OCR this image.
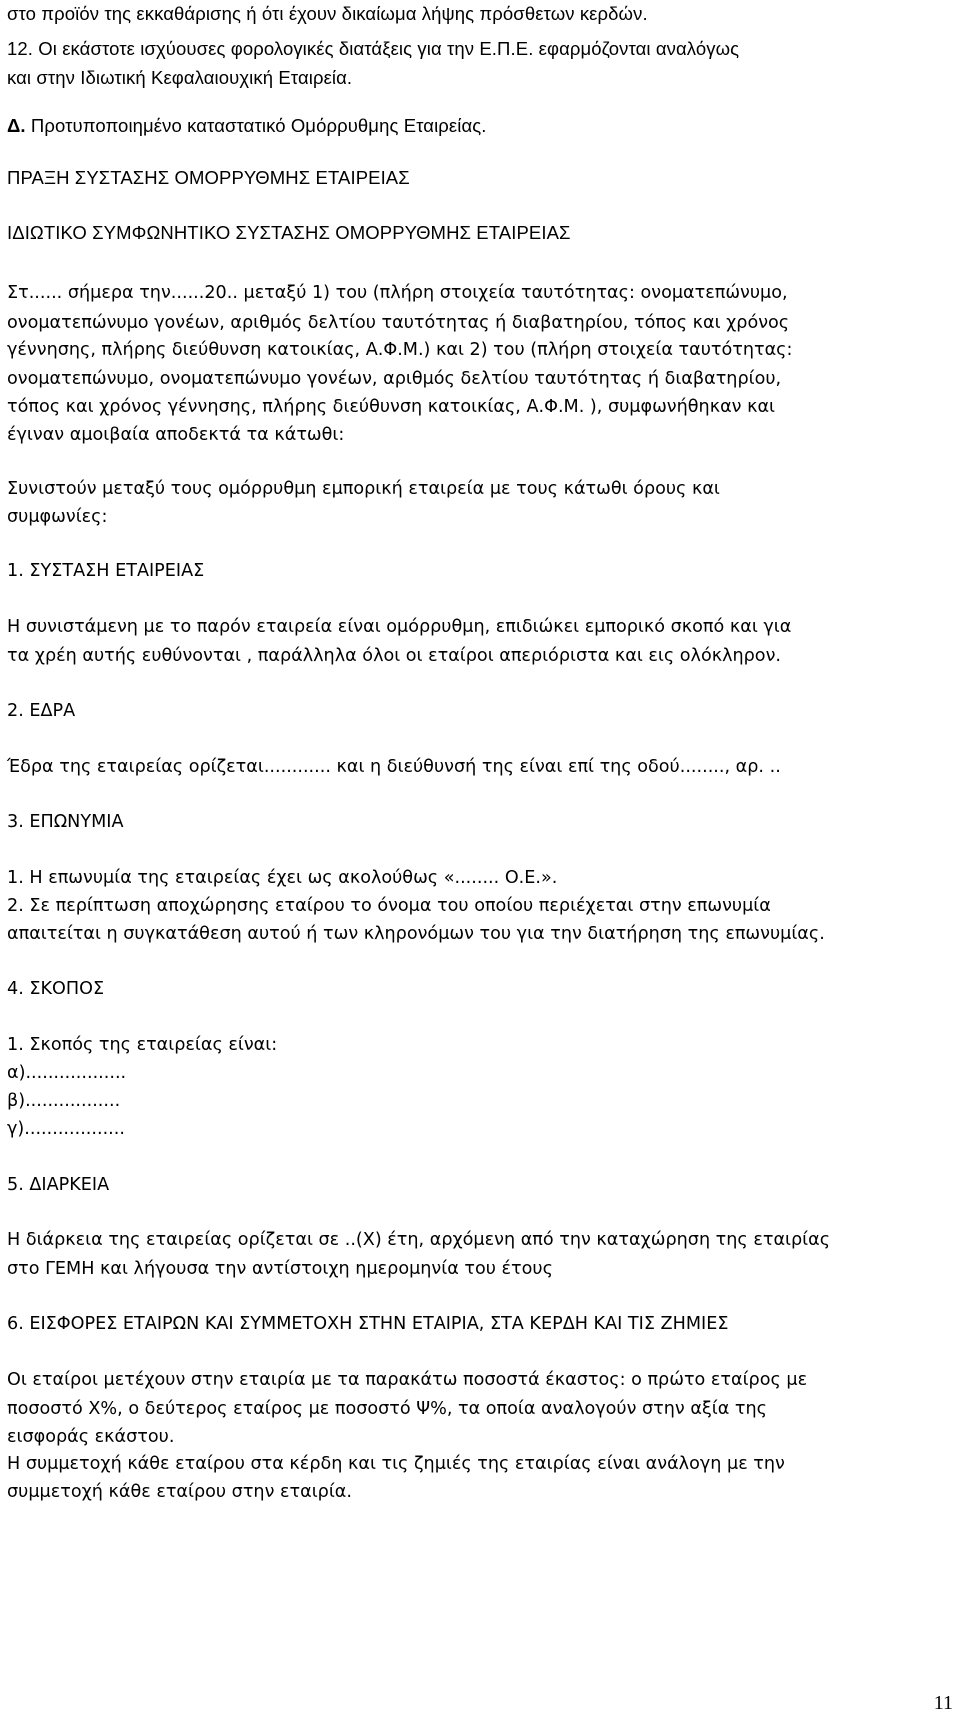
στο προϊόν της εκκαθάρισης ή ότι έχουν δικαίωμα λήψης πρόσθετων κερδών.
12. Οι εκάστοτε ισχύουσες φορολογικές διατάξεις για την Ε.Π.Ε. εφαρμόζονται αναλόγως
και στην Ιδιωτική Κεφαλαιουχική Εταιρεία.
Δ. Προτυποποιημένο καταστατικό Ομόρρυθμης Εταιρείας.
ΠΡΑΞΗ ΣΥΣΤΑΣΗΣ ΟΜΟΡΡΥΘΜΗΣ ΕΤΑΙΡΕΙΑΣ
ΙΔΙΩΤΙΚΟ ΣΥΜΦΩΝΗΤΙΚΟ ΣΥΣΤΑΣΗΣ ΟΜΟΡΡΥΘΜΗΣ ΕΤΑΙΡΕΙΑΣ
Στ...... σήμερα την......20.. μεταξύ 1) του (πλήρη στοιχεία ταυτότητας: ονοματεπώνυμο,
ονοματεπώνυμο γονέων, αριθμός δελτίου ταυτότητας ή διαβατηρίου, τόπος και χρόνος
γέννησης, πλήρης διεύθυνση κατοικίας, Α.Φ.Μ.) και 2) του (πλήρη στοιχεία ταυτότητας:
ονοματεπώνυμο, ονοματεπώνυμο γονέων, αριθμός δελτίου ταυτότητας ή διαβατηρίου,
τόπος και χρόνος γέννησης, πλήρης διεύθυνση κατοικίας, Α.Φ.Μ. ), συμφωνήθηκαν και
έγιναν αμοιβαία αποδεκτά τα κάτωθι:
Συνιστούν μεταξύ τους ομόρρυθμη εμπορική εταιρεία με τους κάτωθι όρους και
συμφωνίες:
1. ΣΥΣΤΑΣΗ ΕΤΑΙΡΕΙΑΣ
Η συνιστάμενη με το παρόν εταιρεία είναι ομόρρυθμη, επιδιώκει εμπορικό σκοπό και για
τα χρέη αυτής ευθύνονται , παράλληλα όλοι οι εταίροι απεριόριστα και εις ολόκληρον.
2. ΕΔΡΑ
Έδρα της εταιρείας ορίζεται............ και η διεύθυνσή της είναι επί της οδού........, αρ. ..
3. ΕΠΩΝΥΜΙΑ
1. Η επωνυμία της εταιρείας έχει ως ακολούθως «........ Ο.Ε.».
2. Σε περίπτωση αποχώρησης εταίρου το όνομα του οποίου περιέχεται στην επωνυμία
απαιτείται η συγκατάθεση αυτού ή των κληρονόμων του για την διατήρηση της επωνυμίας.
4. ΣΚΟΠΟΣ
1. Σκοπός της εταιρείας είναι:
α)..................
β).................
γ)..................
5. ΔΙΑΡΚΕΙΑ
Η διάρκεια της εταιρείας ορίζεται σε ..(Χ) έτη, αρχόμενη από την καταχώρηση της εταιρίας
στο ΓΕΜΗ και λήγουσα την αντίστοιχη ημερομηνία του έτους
6. ΕΙΣΦΟΡΕΣ ΕΤΑΙΡΩΝ ΚΑΙ ΣΥΜΜΕΤΟΧΗ ΣΤΗΝ ΕΤΑΙΡΙΑ, ΣΤΑ ΚΕΡΔΗ ΚΑΙ ΤΙΣ ΖΗΜΙΕΣ
Οι εταίροι μετέχουν στην εταιρία με τα παρακάτω ποσοστά έκαστος: ο πρώτο εταίρος με
ποσοστό Χ%, ο δεύτερος εταίρος με ποσοστό Ψ%, τα οποία αναλογούν στην αξία της
εισφοράς εκάστου.
Η συμμετοχή κάθε εταίρου στα κέρδη και τις ζημιές της εταιρίας είναι ανάλογη με την
συμμετοχή κάθε εταίρου στην εταιρία.
11
